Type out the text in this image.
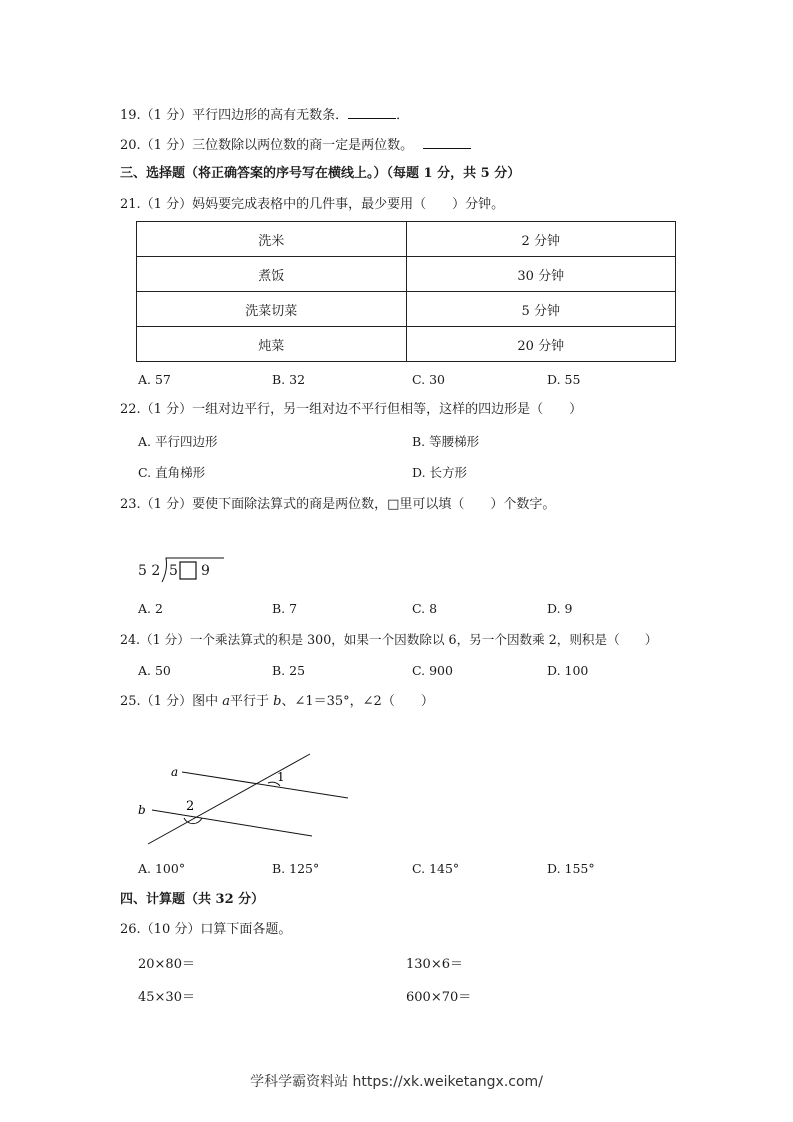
19.（1 分）平行四边形的高有无数条．	．
20.（1 分）三位数除以两位数的商一定是两位数。
三、选择题（将正确答案的序号写在横线上。）（每题 1 分，共 5 分）
21.（1 分）妈妈要完成表格中的几件事，最少要用（　　）分钟。
洗米	2 分钟
煮饭	30 分钟
洗菜切菜	5 分钟
炖菜	20 分钟
A. 57	B. 32	C. 30	D. 55
22.（1 分）一组对边平行，另一组对边不平行但相等，这样的四边形是（　　）
A. 平行四边形	B. 等腰梯形
C. 直角梯形	D. 长方形
23.（1 分）要使下面除法算式的商是两位数，□里可以填（　　）个数字。
5 2 5 9
A. 2	B. 7	C. 8	D. 9
24.（1 分）一个乘法算式的积是 300，如果一个因数除以 6，另一个因数乘 2，则积是（　　）
A. 50	B. 25	C. 900	D. 100
25.（1 分）图中 a平行于 b、∠1＝35°，∠2（　　）
a
b
1
2
A. 100°	B. 125°	C. 145°	D. 155°
四、计算题（共 32 分）
26.（10 分）口算下面各题。
20×80＝	130×6＝
45×30＝	600×70＝
学科学霸资料站 https://xk.weiketangx.com/
